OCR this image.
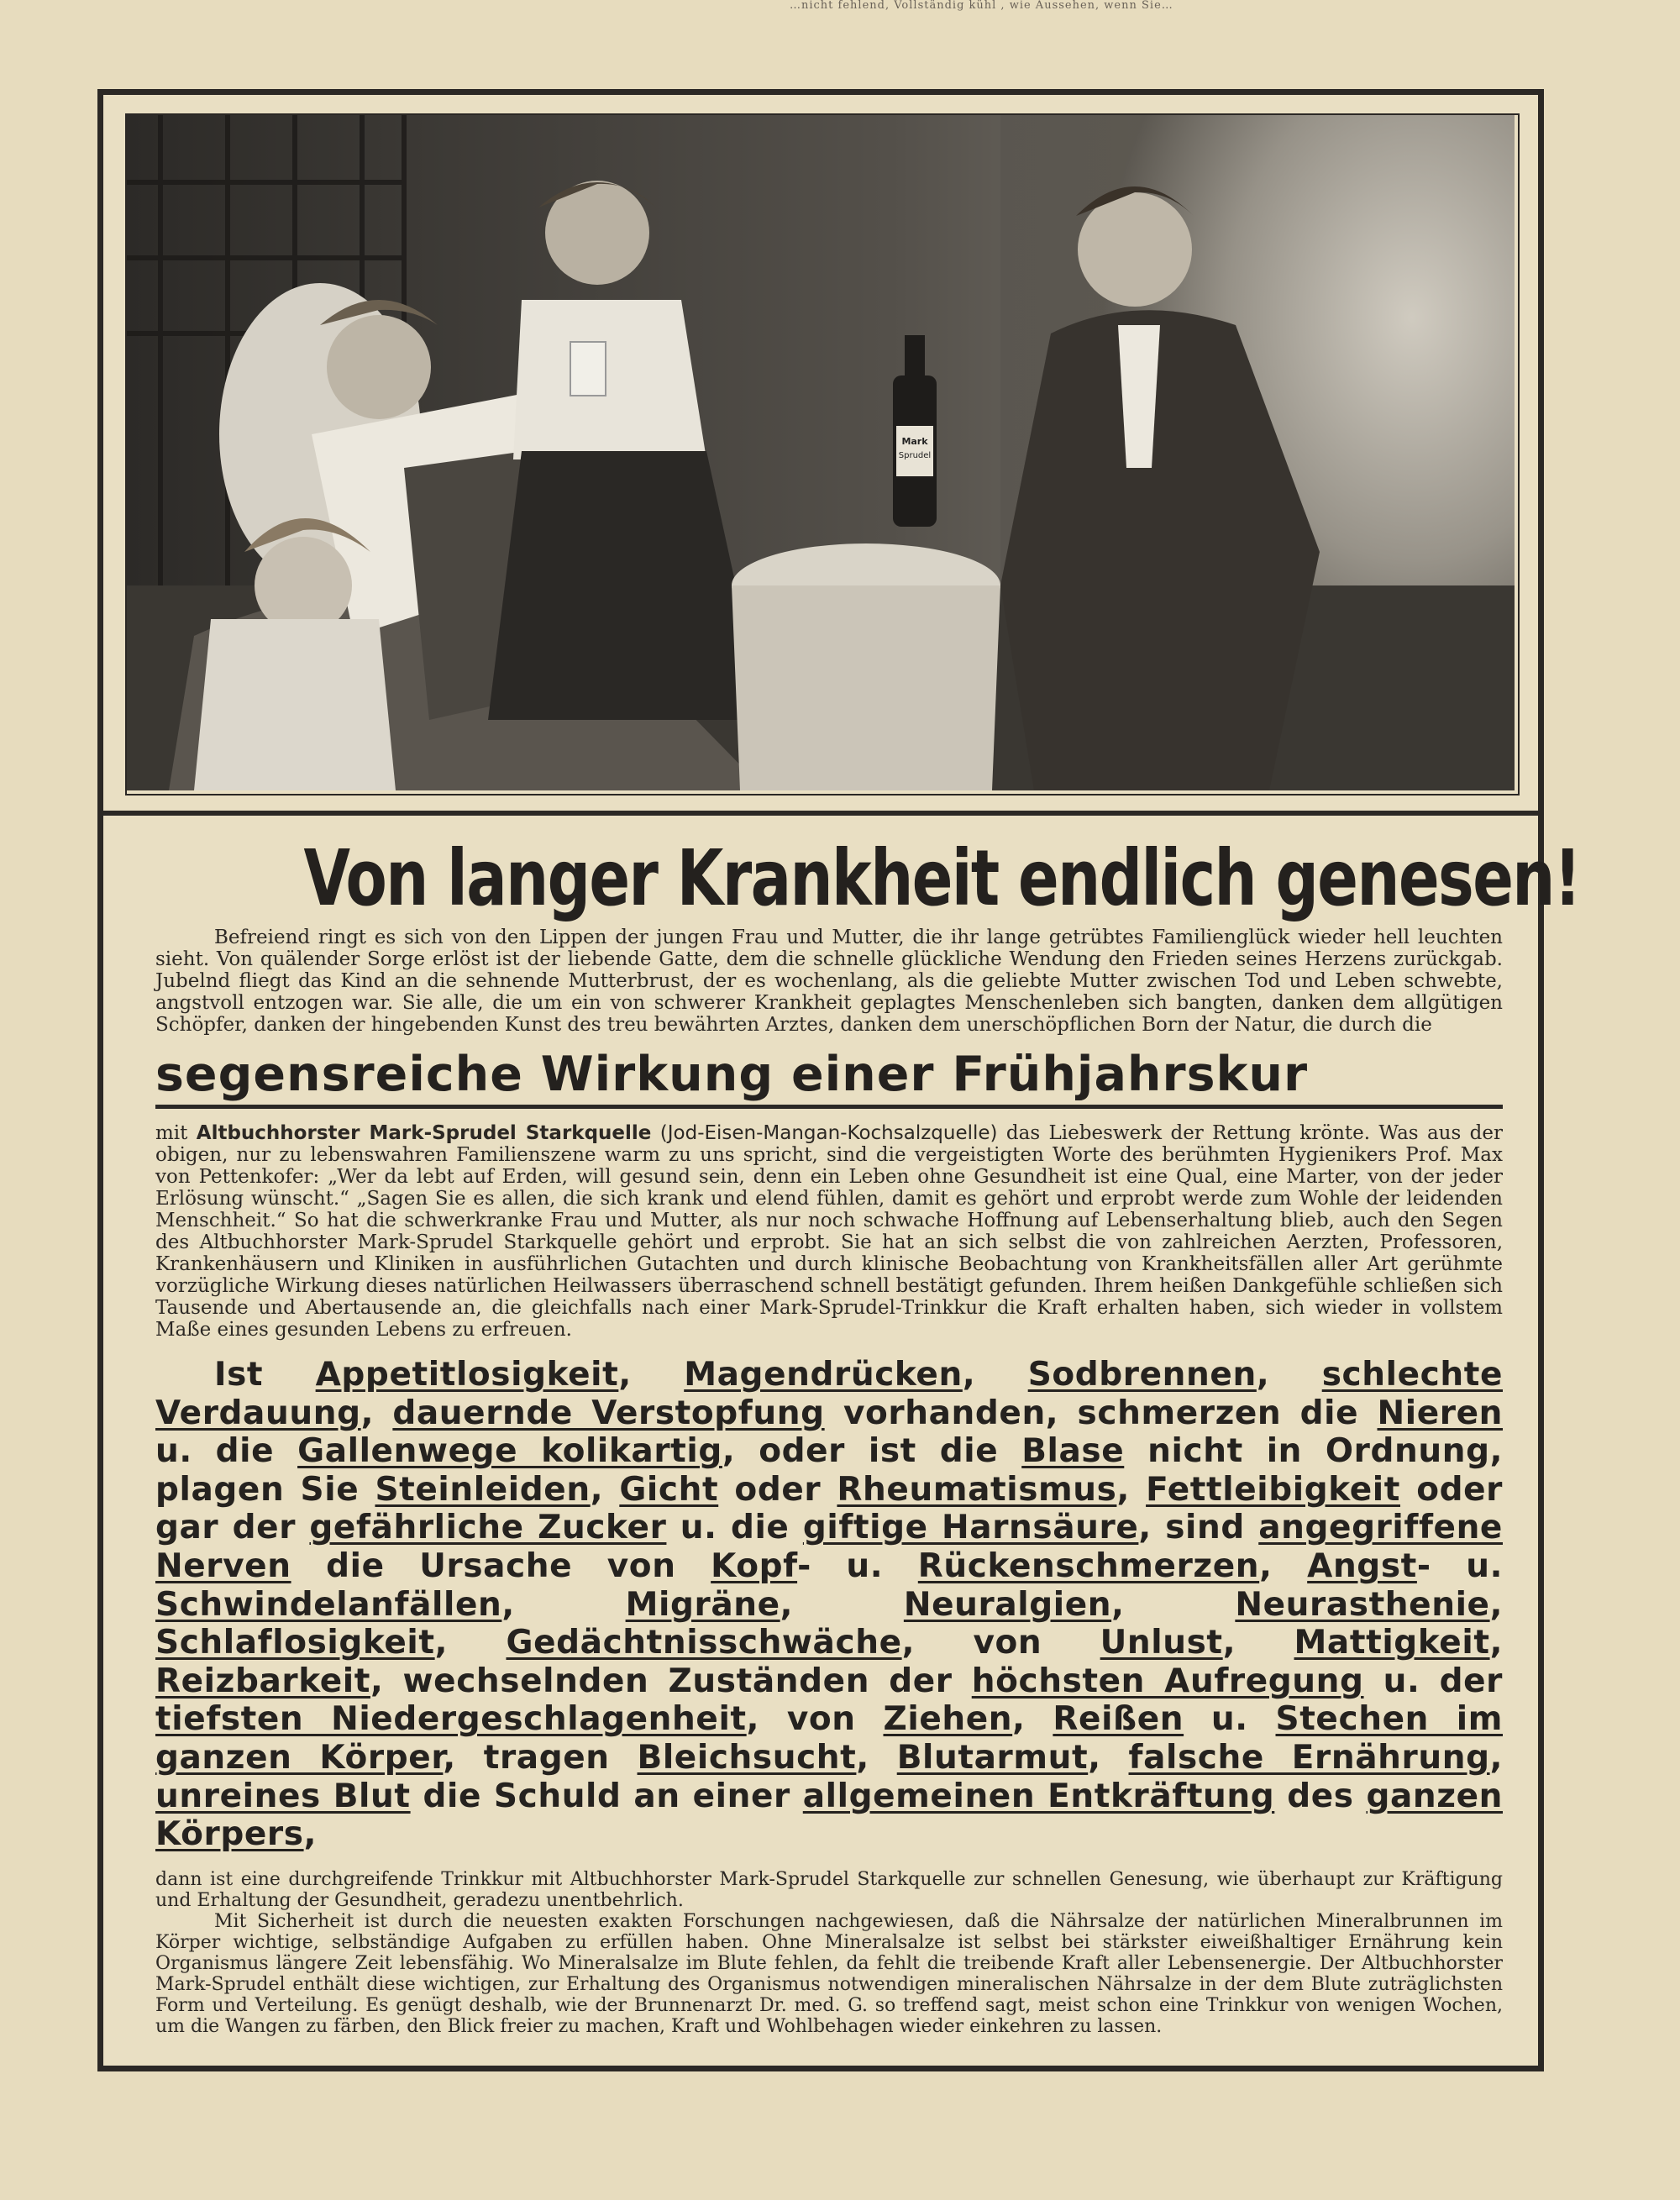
…nicht fehlend, Vollständig kühl , wie Aussehen, wenn Sie…
Mark
Sprudel
Von langer Krankheit endlich genesen!

Befreiend ringt es sich von den Lippen der jungen Frau und Mutter, die ihr lange getrübtes Familienglück wieder hell leuchten sieht. Von quälender Sorge erlöst ist der liebende Gatte, dem die schnelle glückliche Wendung den Frieden seines Herzens zurückgab. Jubelnd fliegt das Kind an die sehnende Mutterbrust, der es wochenlang, als die geliebte Mutter zwischen Tod und Leben schwebte, angstvoll entzogen war. Sie alle, die um ein von schwerer Krankheit geplagtes Menschenleben sich bangten, danken dem allgütigen Schöpfer, danken der hingebenden Kunst des treu bewährten Arztes, danken dem unerschöpflichen Born der Natur, die durch die

segensreiche Wirkung einer Frühjahrskur

mit Altbuchhorster Mark-Sprudel Starkquelle (Jod-Eisen-Mangan-Kochsalzquelle) das Liebeswerk der Rettung krönte. Was aus der obigen, nur zu lebenswahren Familienszene warm zu uns spricht, sind die vergeistigten Worte des berühmten Hygienikers Prof. Max von Pettenkofer: „Wer da lebt auf Erden, will gesund sein, denn ein Leben ohne Gesundheit ist eine Qual, eine Marter, von der jeder Erlösung wünscht.“ „Sagen Sie es allen, die sich krank und elend fühlen, damit es gehört und erprobt werde zum Wohle der leidenden Menschheit.“ So hat die schwerkranke Frau und Mutter, als nur noch schwache Hoffnung auf Lebenserhaltung blieb, auch den Segen des Altbuchhorster Mark-Sprudel Starkquelle gehört und erprobt. Sie hat an sich selbst die von zahlreichen Aerzten, Professoren, Krankenhäusern und Kliniken in ausführlichen Gutachten und durch klinische Beobachtung von Krankheitsfällen aller Art gerühmte vorzügliche Wirkung dieses natürlichen Heilwassers überraschend schnell bestätigt gefunden. Ihrem heißen Dankgefühle schließen sich Tausende und Abertausende an, die gleichfalls nach einer Mark-Sprudel-Trinkkur die Kraft erhalten haben, sich wieder in vollstem Maße eines gesunden Lebens zu erfreuen.

Ist Appetitlosigkeit, Magendrücken, Sodbrennen, schlechte Verdauung, dauernde Verstopfung vorhanden, schmerzen die Nieren u. die Gallenwege kolikartig, oder ist die Blase nicht in Ordnung, plagen Sie Steinleiden, Gicht oder Rheumatismus, Fettleibigkeit oder gar der gefährliche Zucker u. die giftige Harnsäure, sind angegriffene Nerven die Ursache von Kopf- u. Rückenschmerzen, Angst- u. Schwindelanfällen, Migräne, Neuralgien, Neurasthenie, Schlaflosigkeit, Gedächtnisschwäche, von Unlust, Mattigkeit, Reizbarkeit, wechselnden Zuständen der höchsten Aufregung u. der tiefsten Niedergeschlagenheit, von Ziehen, Reißen u. Stechen im ganzen Körper, tragen Bleichsucht, Blutarmut, falsche Ernährung, unreines Blut die Schuld an einer allgemeinen Entkräftung des ganzen Körpers,

dann ist eine durchgreifende Trinkkur mit Altbuchhorster Mark-Sprudel Starkquelle zur schnellen Genesung, wie überhaupt zur Kräftigung und Erhaltung der Gesundheit, geradezu unentbehrlich.

Mit Sicherheit ist durch die neuesten exakten Forschungen nachgewiesen, daß die Nährsalze der natürlichen Mineralbrunnen im Körper wichtige, selbständige Aufgaben zu erfüllen haben. Ohne Mineralsalze ist selbst bei stärkster eiweißhaltiger Ernährung kein Organismus längere Zeit lebensfähig. Wo Mineralsalze im Blute fehlen, da fehlt die treibende Kraft aller Lebensenergie. Der Altbuchhorster Mark-Sprudel enthält diese wichtigen, zur Erhaltung des Organismus notwendigen mineralischen Nährsalze in der dem Blute zuträglichsten Form und Verteilung. Es genügt deshalb, wie der Brunnenarzt Dr. med. G. so treffend sagt, meist schon eine Trinkkur von wenigen Wochen, um die Wangen zu färben, den Blick freier zu machen, Kraft und Wohlbehagen wieder einkehren zu lassen.
